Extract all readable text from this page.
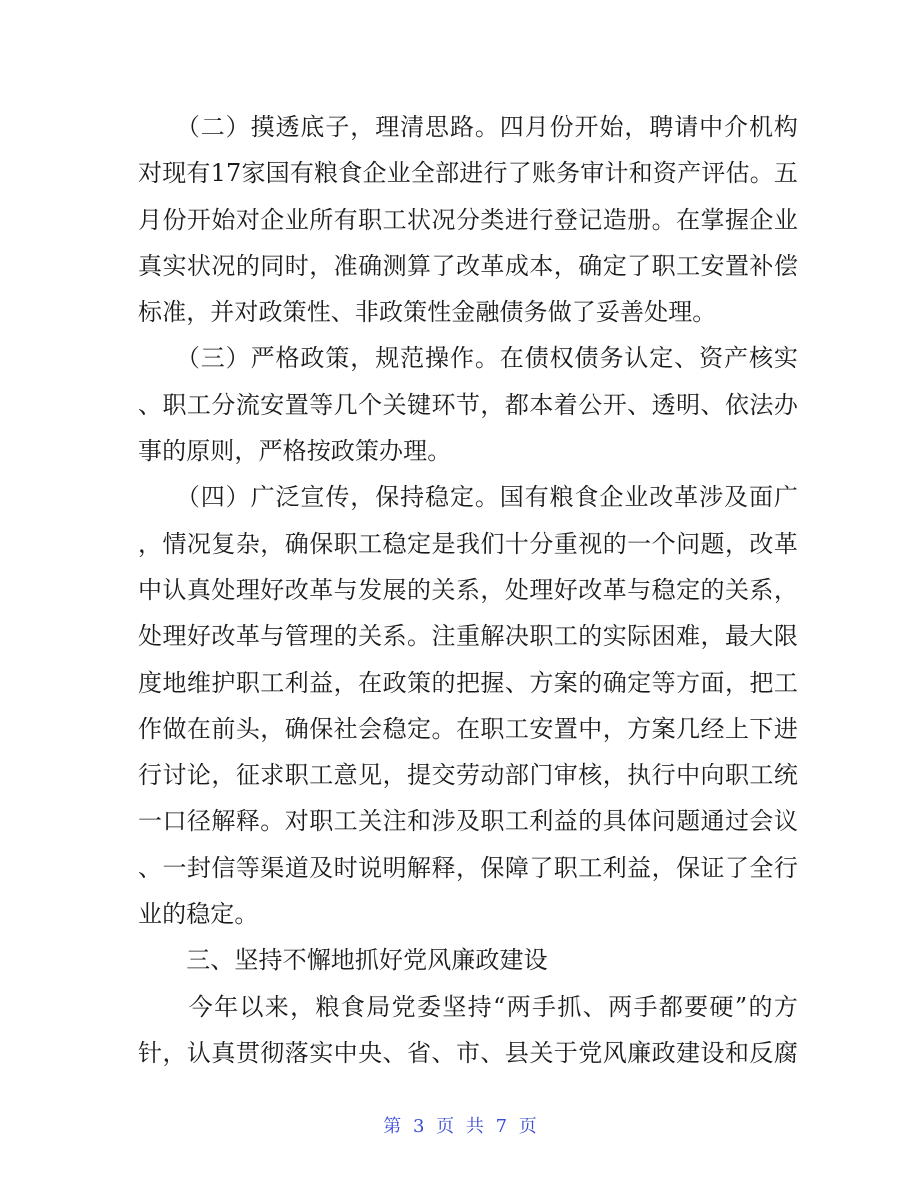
　　（二）摸透底子，理清思路。四月份开始，聘请中介机构
对现有17家国有粮食企业全部进行了账务审计和资产评估。五
月份开始对企业所有职工状况分类进行登记造册。在掌握企业
真实状况的同时，准确测算了改革成本，确定了职工安置补偿
标准，并对政策性、非政策性金融债务做了妥善处理。
　　（三）严格政策，规范操作。在债权债务认定、资产核实
、职工分流安置等几个关键环节，都本着公开、透明、依法办
事的原则，严格按政策办理。
　　（四）广泛宣传，保持稳定。国有粮食企业改革涉及面广
，情况复杂，确保职工稳定是我们十分重视的一个问题，改革
中认真处理好改革与发展的关系，处理好改革与稳定的关系，
处理好改革与管理的关系。注重解决职工的实际困难，最大限
度地维护职工利益，在政策的把握、方案的确定等方面，把工
作做在前头，确保社会稳定。在职工安置中，方案几经上下进
行讨论，征求职工意见，提交劳动部门审核，执行中向职工统
一口径解释。对职工关注和涉及职工利益的具体问题通过会议
、一封信等渠道及时说明解释，保障了职工利益，保证了全行
业的稳定。
　　三、坚持不懈地抓好党风廉政建设
　　今年以来，粮食局党委坚持“两手抓、两手都要硬”的方
针，认真贯彻落实中央、省、市、县关于党风廉政建设和反腐
第 3 页 共 7 页
